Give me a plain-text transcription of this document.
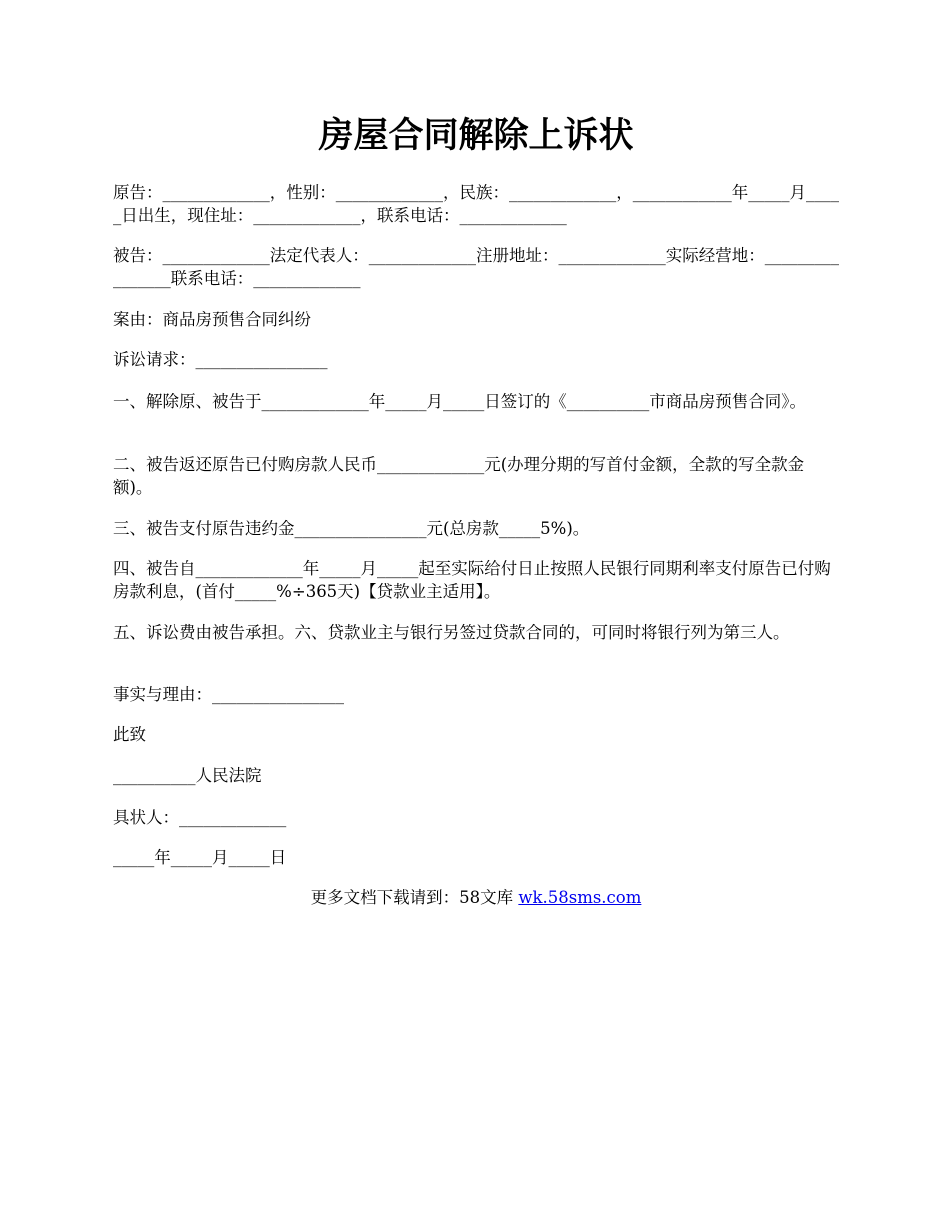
房屋合同解除上诉状

原告：_____________，性别：_____________，民族：_____________，____________年_____月_____日出生，现住址：_____________，联系电话：_____________

被告：_____________法定代表人：_____________注册地址：_____________实际经营地：________________联系电话：_____________

案由：商品房预售合同纠纷

诉讼请求：________________

一、解除原、被告于_____________年_____月_____日签订的《__________市商品房预售合同》。

二、被告返还原告已付购房款人民币_____________元(办理分期的写首付金额，全款的写全款金额)。

三、被告支付原告违约金________________元(总房款_____5%)。

四、被告自_____________年_____月_____起至实际给付日止按照人民银行同期利率支付原告已付购房款利息，(首付_____%÷365天)【贷款业主适用】。

五、诉讼费由被告承担。六、贷款业主与银行另签过贷款合同的，可同时将银行列为第三人。

事实与理由：________________

此致

__________人民法院

具状人：_____________

_____年_____月_____日

更多文档下载请到：58文库 wk.58sms.com
